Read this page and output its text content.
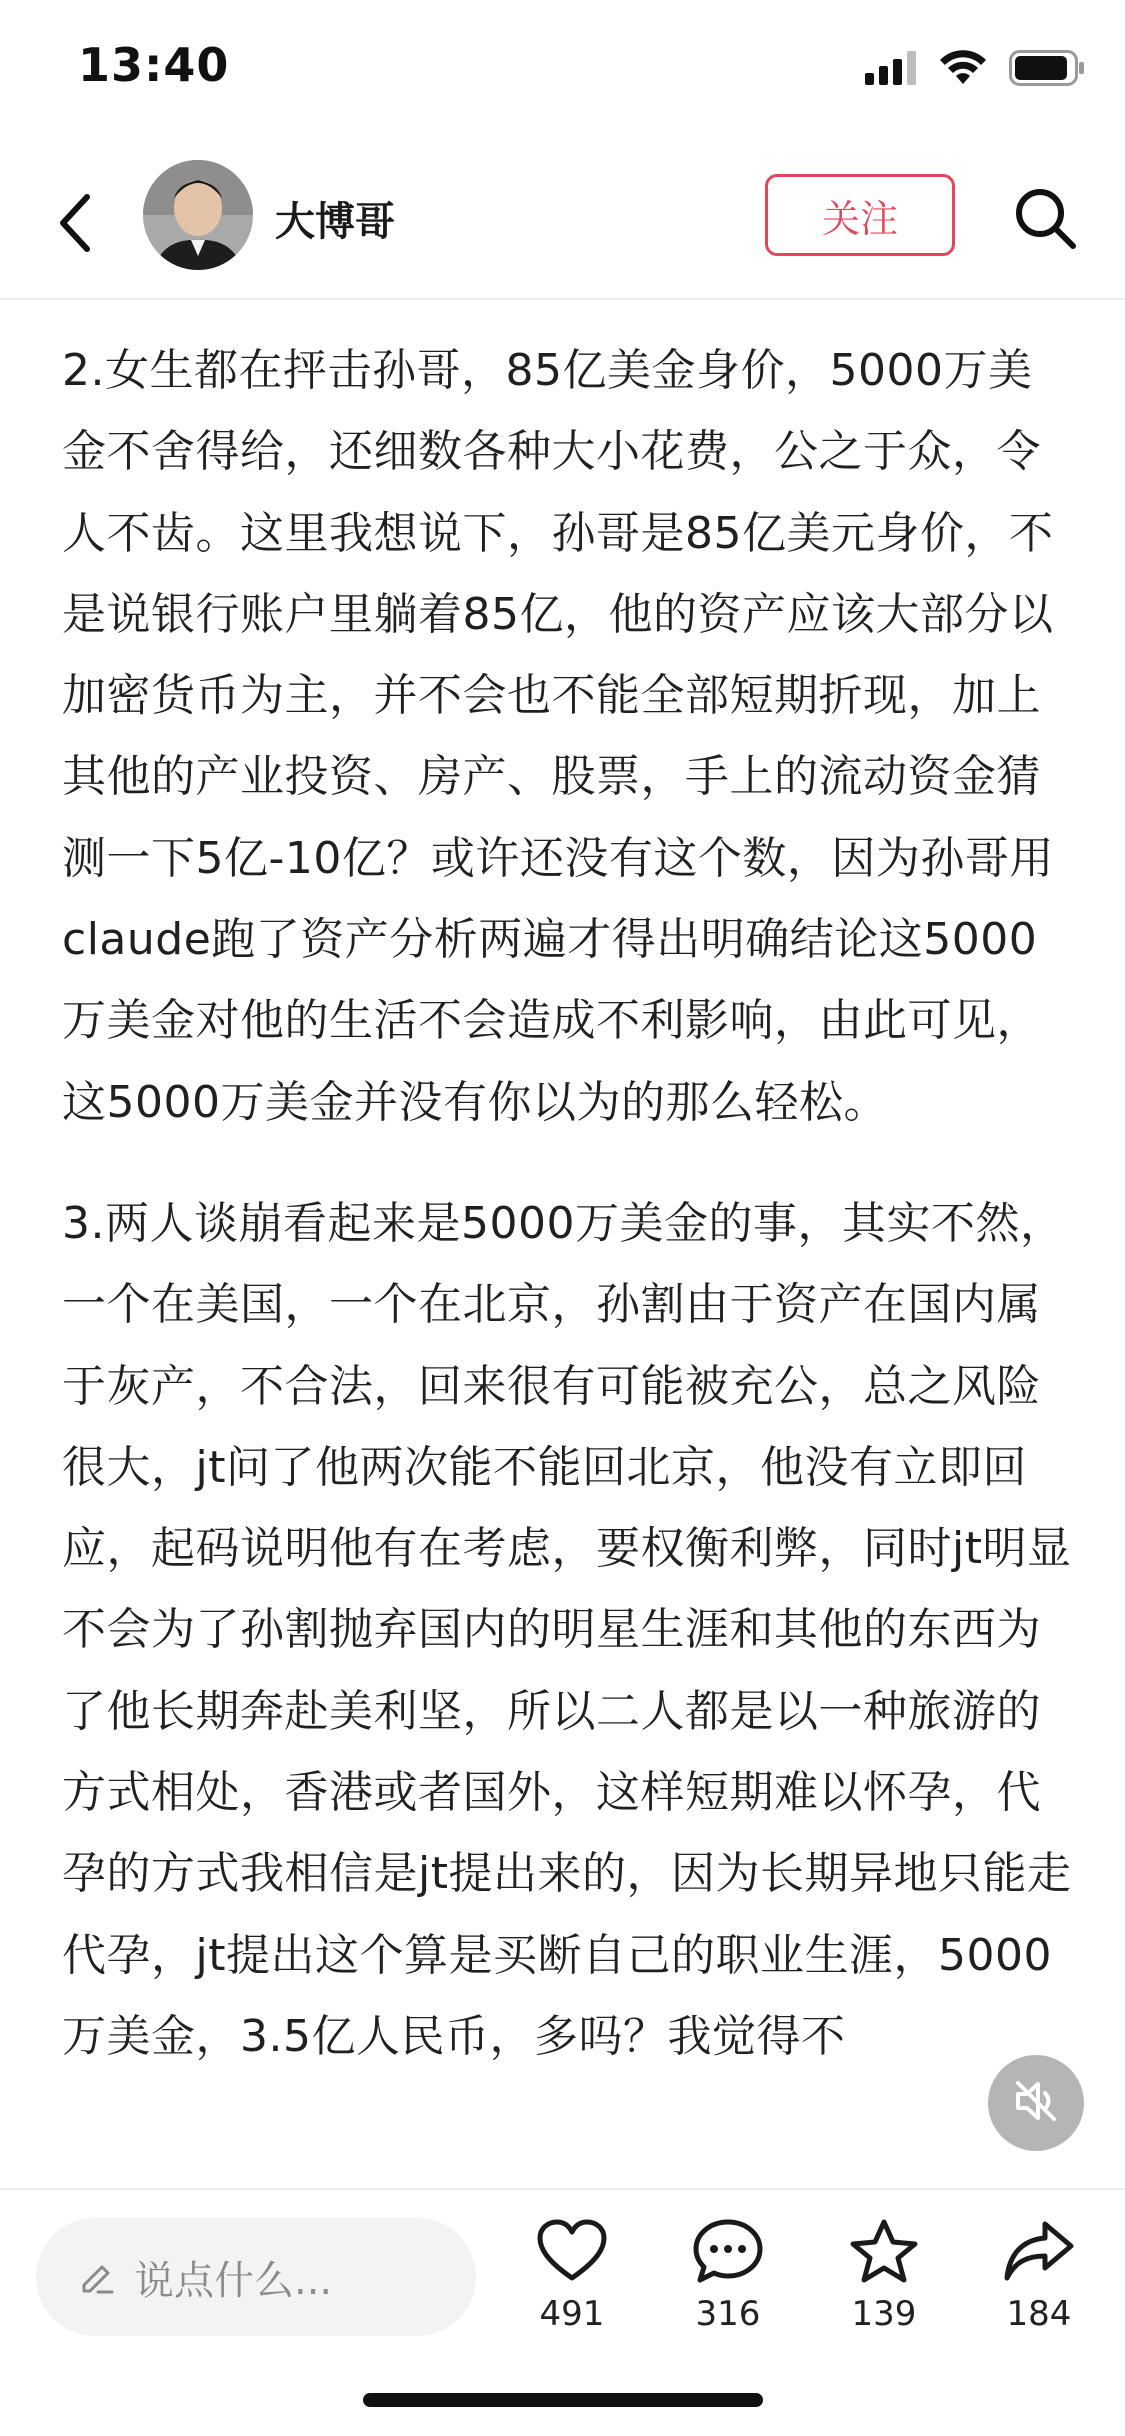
13:40
大博哥	关注

2.女生都在抨击孙哥，85亿美金身价，5000万美金不舍得给，还细数各种大小花费，公之于众，令人不齿。这里我想说下，孙哥是85亿美元身价，不是说银行账户里躺着85亿，他的资产应该大部分以加密货币为主，并不会也不能全部短期折现，加上其他的产业投资、房产、股票，手上的流动资金猜测一下5亿-10亿？或许还没有这个数，因为孙哥用claude跑了资产分析两遍才得出明确结论这5000万美金对他的生活不会造成不利影响，由此可见，这5000万美金并没有你以为的那么轻松。

3.两人谈崩看起来是5000万美金的事，其实不然，一个在美国，一个在北京，孙割由于资产在国内属于灰产，不合法，回来很有可能被充公，总之风险很大，jt问了他两次能不能回北京，他没有立即回应，起码说明他有在考虑，要权衡利弊，同时jt明显不会为了孙割抛弃国内的明星生涯和其他的东西为了他长期奔赴美利坚，所以二人都是以一种旅游的方式相处，香港或者国外，这样短期难以怀孕，代孕的方式我相信是jt提出来的，因为长期异地只能走代孕，jt提出这个算是买断自己的职业生涯，5000万美金，3.5亿人民币，多吗？我觉得不

说点什么...
491	316	139	184
